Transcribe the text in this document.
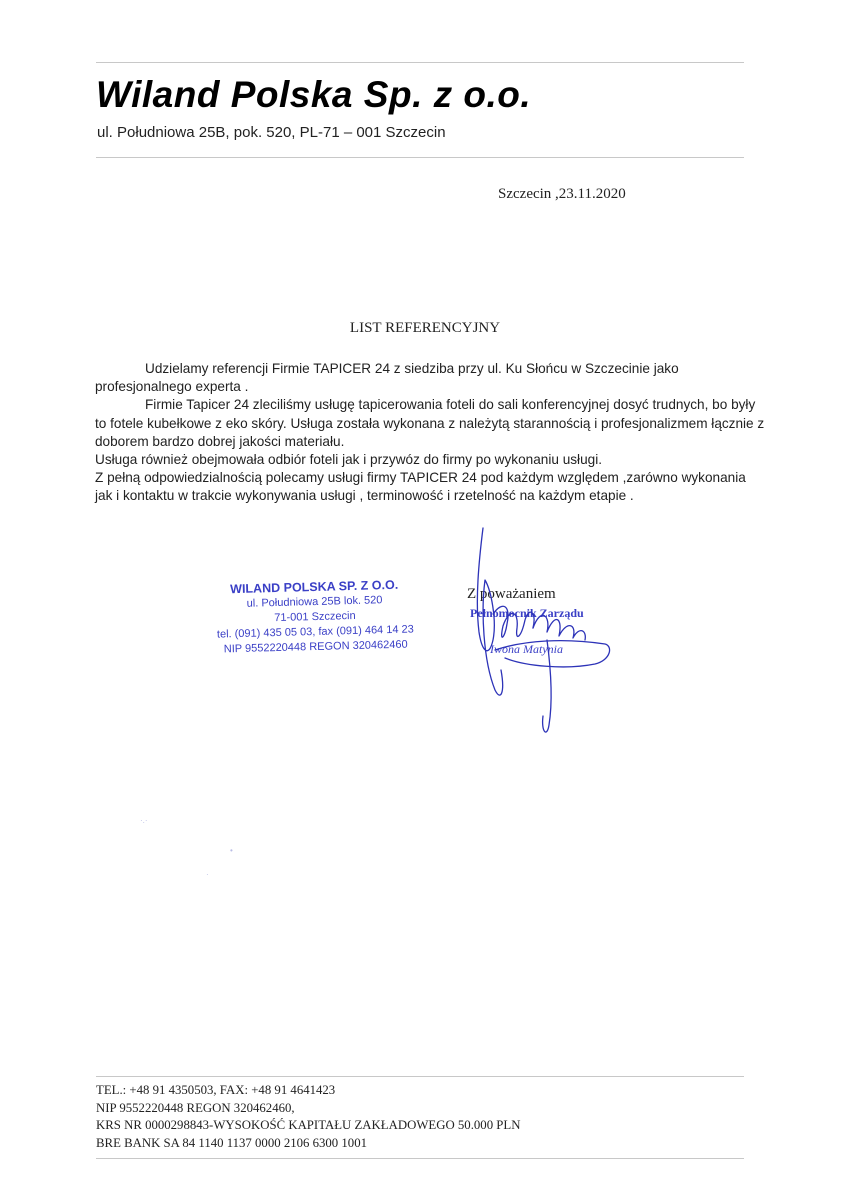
Wiland Polska Sp. z o.o.
ul. Południowa 25B, pok. 520, PL-71 – 001 Szczecin
Szczecin ,23.11.2020
LIST REFERENCYJNY

Udzielamy referencji Firmie TAPICER 24 z siedziba przy ul. Ku Słońcu w Szczecinie jako profesjonalnego experta .

Firmie Tapicer 24 zleciliśmy usługę tapicerowania foteli do sali konferencyjnej dosyć trudnych, bo były to fotele kubełkowe z eko skóry. Usługa została wykonana z należytą starannością i profesjonalizmem łącznie z doborem bardzo dobrej jakości materiału.

Usługa również obejmowała odbiór foteli jak i przywóz do firmy po wykonaniu usługi.

Z pełną odpowiedzialnością polecamy usługi firmy TAPICER 24 pod każdym względem ,zarówno wykonania jak i kontaktu w trakcie wykonywania usługi , terminowość i rzetelność na każdym etapie .

WILAND POLSKA SP. Z O.O.
ul. Południowa 25B lok. 520
71-001 Szczecin
tel. (091) 435 05 03, fax (091) 464 14 23
NIP 9552220448 REGON 320462460
Z poważaniem
Pełnomocnik Zarządu
Iwona Matynia
·.·
•
·
TEL.: +48 91 4350503, FAX: +48 91 4641423
NIP 9552220448 REGON 320462460,
KRS NR 0000298843-WYSOKOŚĆ KAPITAŁU ZAKŁADOWEGO 50.000 PLN
BRE BANK SA 84 1140 1137 0000 2106 6300 1001
